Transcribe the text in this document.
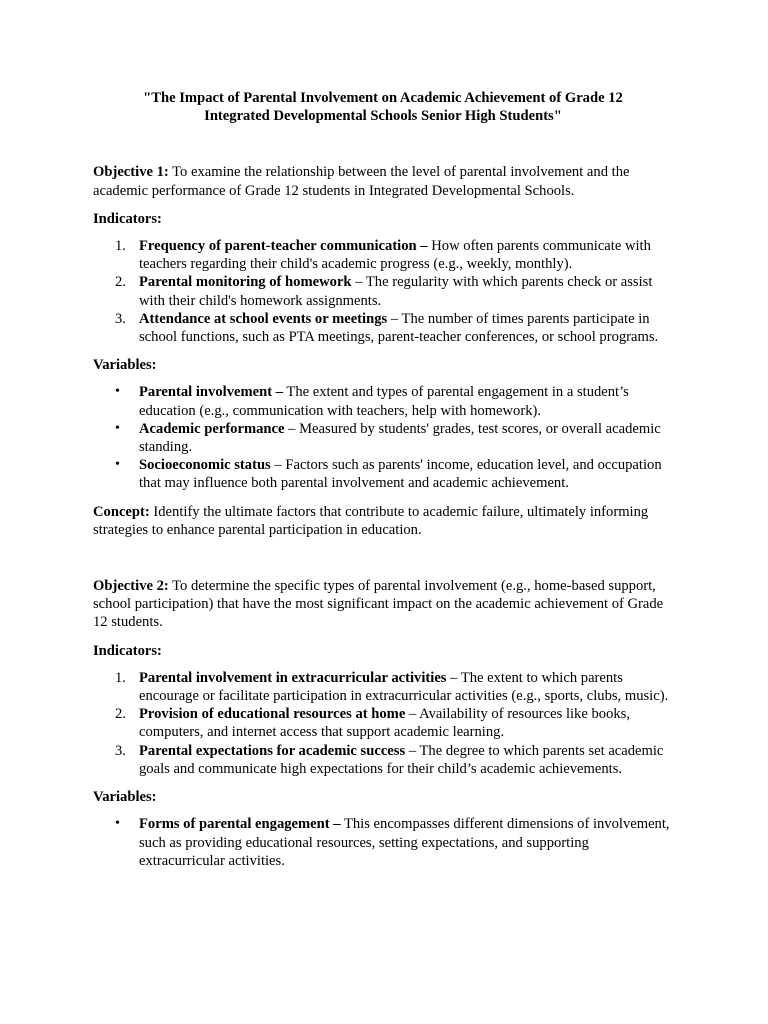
"The Impact of Parental Involvement on Academic Achievement of Grade 12
Integrated Developmental Schools Senior High Students"

Objective 1: To examine the relationship between the level of parental involvement and the academic performance of Grade 12 students in Integrated Developmental Schools.

Indicators:

1. Frequency of parent-teacher communication – How often parents communicate with teachers regarding their child's academic progress (e.g., weekly, monthly).
2. Parental monitoring of homework – The regularity with which parents check or assist with their child's homework assignments.
3. Attendance at school events or meetings – The number of times parents participate in school functions, such as PTA meetings, parent-teacher conferences, or school programs.

Variables:

• Parental involvement – The extent and types of parental engagement in a student’s education (e.g., communication with teachers, help with homework).
• Academic performance – Measured by students' grades, test scores, or overall academic standing.
• Socioeconomic status – Factors such as parents' income, education level, and occupation that may influence both parental involvement and academic achievement.

Concept: Identify the ultimate factors that contribute to academic failure, ultimately informing strategies to enhance parental participation in education.

Objective 2: To determine the specific types of parental involvement (e.g., home-based support, school participation) that have the most significant impact on the academic achievement of Grade 12 students.

Indicators:

1. Parental involvement in extracurricular activities – The extent to which parents encourage or facilitate participation in extracurricular activities (e.g., sports, clubs, music).
2. Provision of educational resources at home – Availability of resources like books, computers, and internet access that support academic learning.
3. Parental expectations for academic success – The degree to which parents set academic goals and communicate high expectations for their child’s academic achievements.

Variables:

• Forms of parental engagement – This encompasses different dimensions of involvement, such as providing educational resources, setting expectations, and supporting extracurricular activities.
